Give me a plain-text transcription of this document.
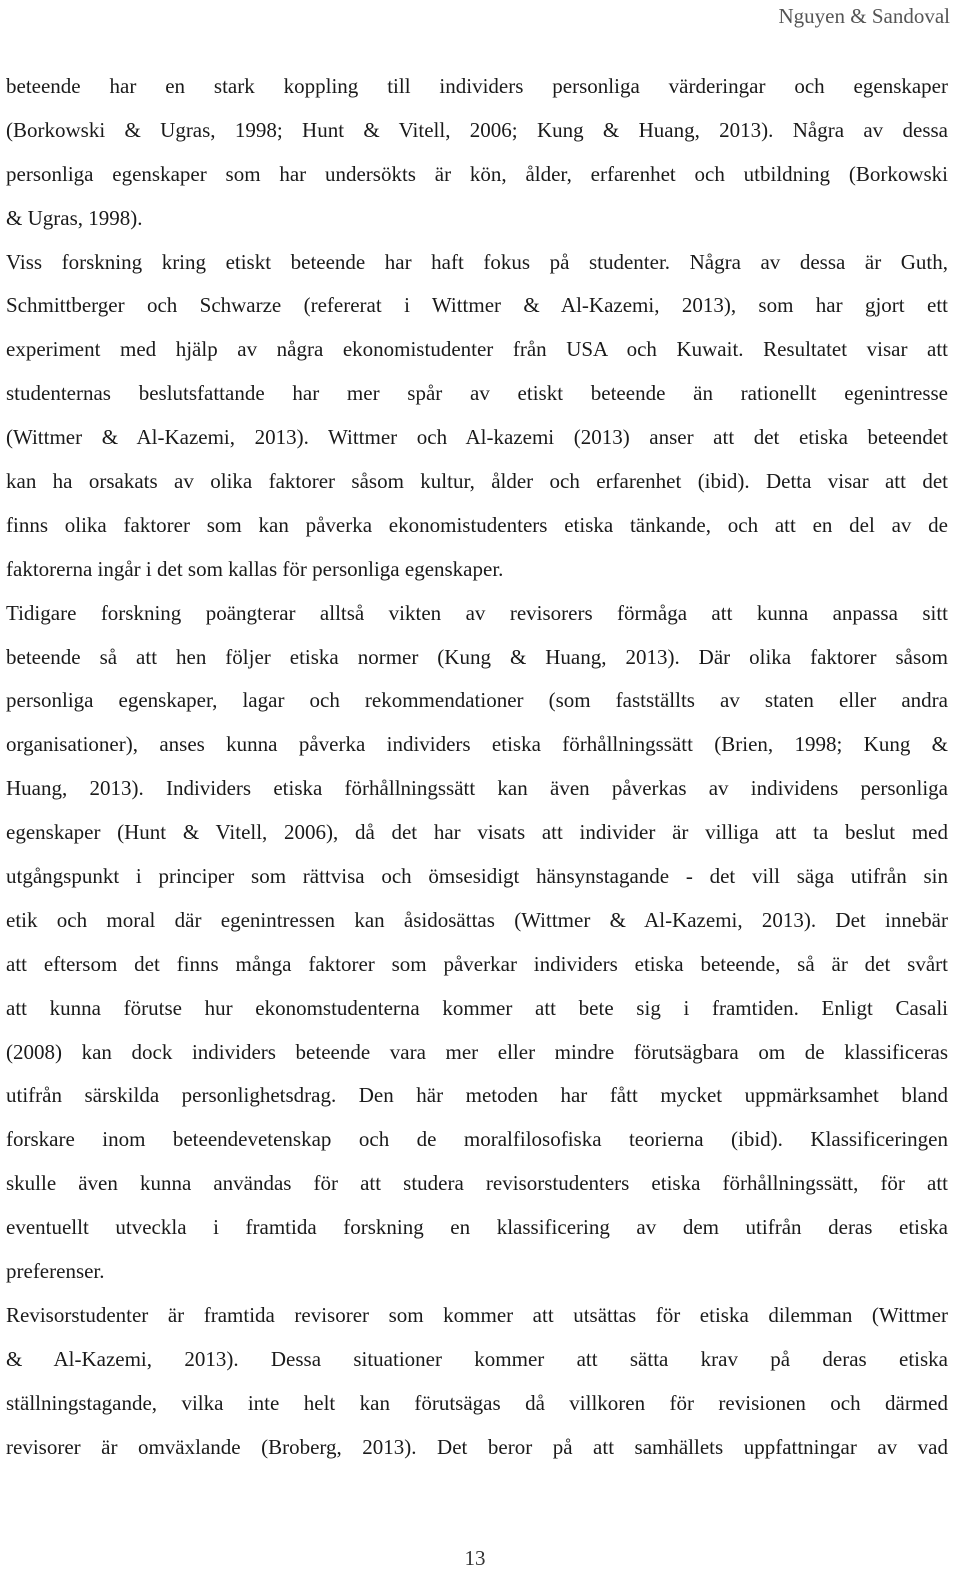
Nguyen & Sandoval
beteende har en stark koppling till individers personliga värderingar och egenskaper
(Borkowski & Ugras, 1998; Hunt & Vitell, 2006; Kung & Huang, 2013). Några av dessa
personliga egenskaper som har undersökts är kön, ålder, erfarenhet och utbildning (Borkowski
& Ugras, 1998).
Viss forskning kring etiskt beteende har haft fokus på studenter. Några av dessa är Guth,
Schmittberger och Schwarze (refererat i Wittmer & Al-Kazemi, 2013), som har gjort ett
experiment med hjälp av några ekonomistudenter från USA och Kuwait. Resultatet visar att
studenternas beslutsfattande har mer spår av etiskt beteende än rationellt egenintresse
(Wittmer & Al-Kazemi, 2013). Wittmer och Al-kazemi (2013) anser att det etiska beteendet
kan ha orsakats av olika faktorer såsom kultur, ålder och erfarenhet (ibid). Detta visar att det
finns olika faktorer som kan påverka ekonomistudenters etiska tänkande, och att en del av de
faktorerna ingår i det som kallas för personliga egenskaper.
Tidigare forskning poängterar alltså vikten av revisorers förmåga att kunna anpassa sitt
beteende så att hen följer etiska normer (Kung & Huang, 2013). Där olika faktorer såsom
personliga egenskaper, lagar och rekommendationer (som fastställts av staten eller andra
organisationer), anses kunna påverka individers etiska förhållningssätt (Brien, 1998; Kung &
Huang, 2013). Individers etiska förhållningssätt kan även påverkas av individens personliga
egenskaper (Hunt & Vitell, 2006), då det har visats att individer är villiga att ta beslut med
utgångspunkt i principer som rättvisa och ömsesidigt hänsynstagande - det vill säga utifrån sin
etik och moral där egenintressen kan åsidosättas (Wittmer & Al-Kazemi, 2013). Det innebär
att eftersom det finns många faktorer som påverkar individers etiska beteende, så är det svårt
att kunna förutse hur ekonomstudenterna kommer att bete sig i framtiden. Enligt Casali
(2008) kan dock individers beteende vara mer eller mindre förutsägbara om de klassificeras
utifrån särskilda personlighetsdrag. Den här metoden har fått mycket uppmärksamhet bland
forskare inom beteendevetenskap och de moralfilosofiska teorierna (ibid). Klassificeringen
skulle även kunna användas för att studera revisorstudenters etiska förhållningssätt, för att
eventuellt utveckla i framtida forskning en klassificering av dem utifrån deras etiska
preferenser.
Revisorstudenter är framtida revisorer som kommer att utsättas för etiska dilemman (Wittmer
& Al-Kazemi, 2013). Dessa situationer kommer att sätta krav på deras etiska
ställningstagande, vilka inte helt kan förutsägas då villkoren för revisionen och därmed
revisorer är omväxlande (Broberg, 2013). Det beror på att samhällets uppfattningar av vad
13
